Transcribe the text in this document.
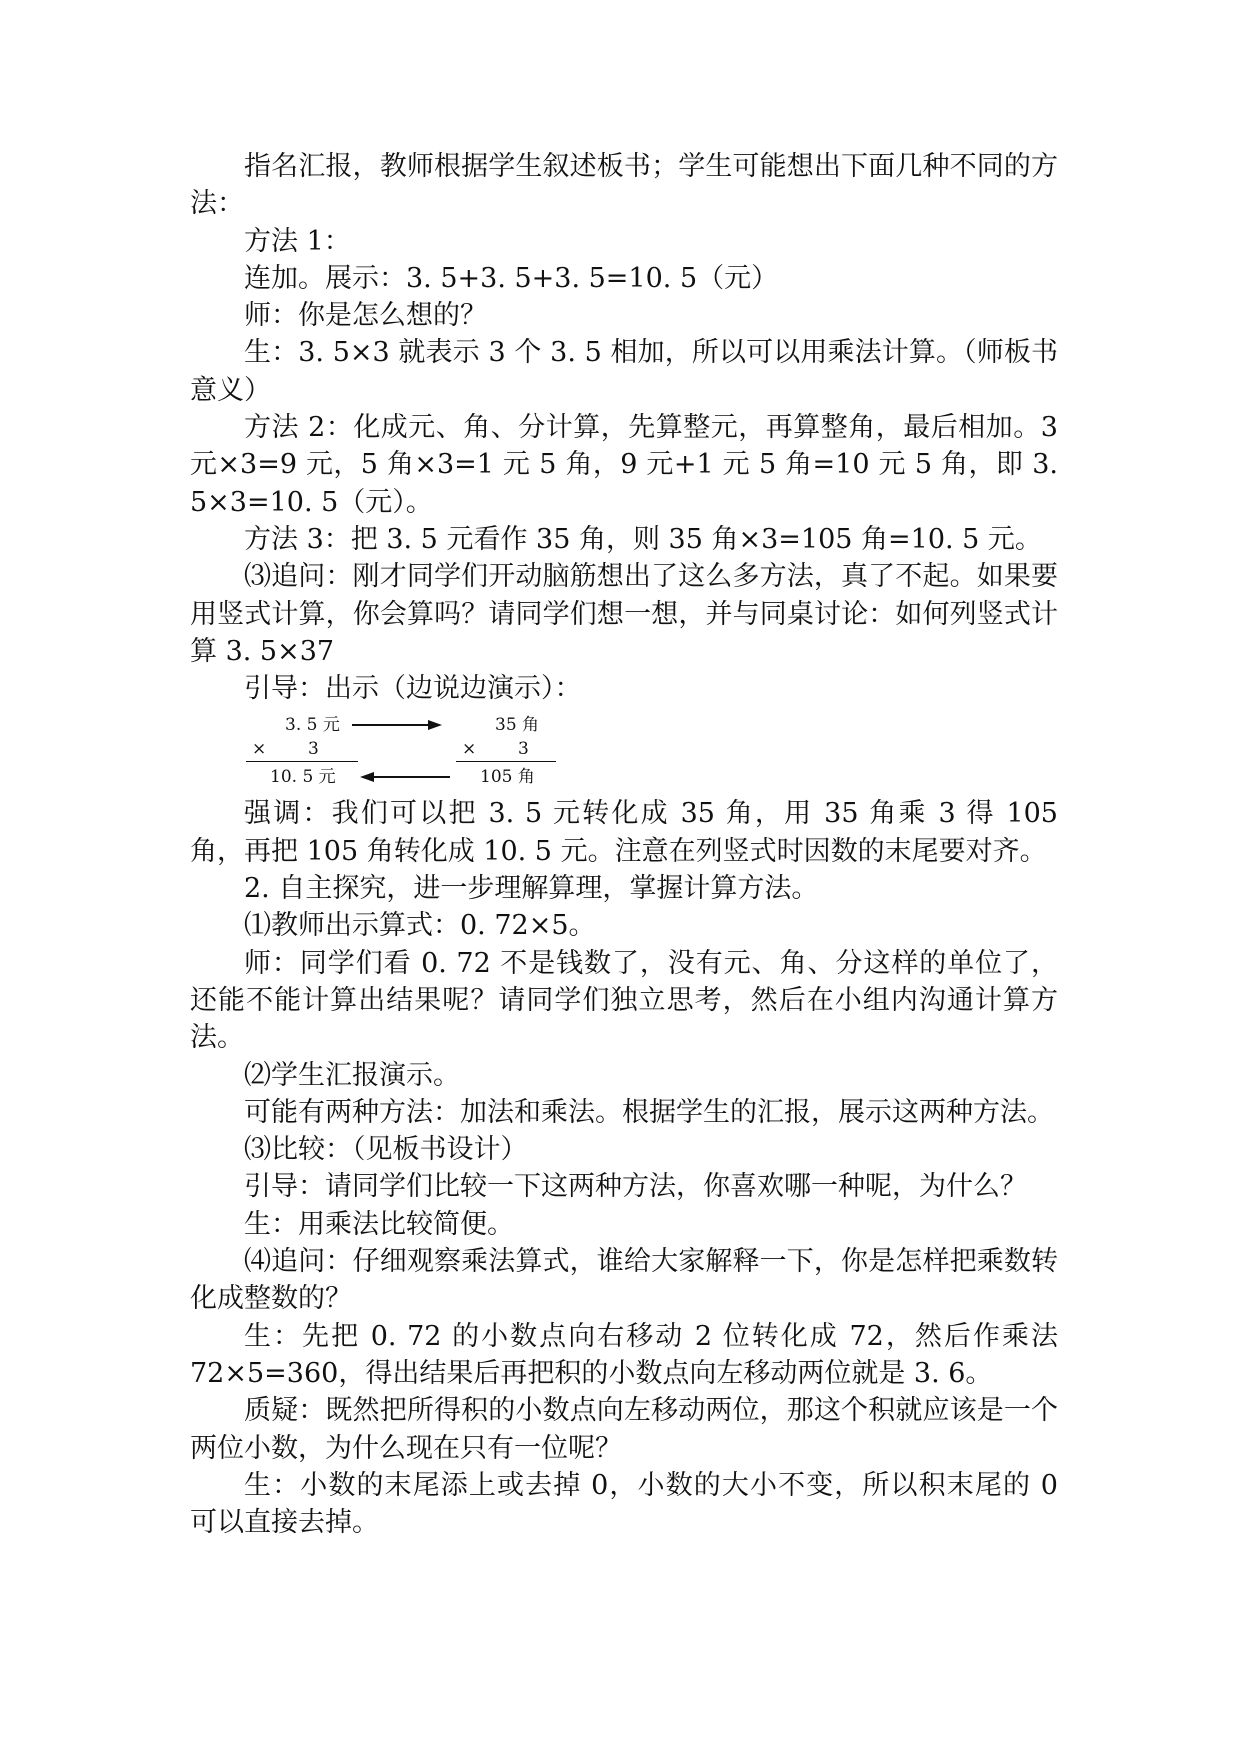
指名汇报，教师根据学生叙述板书；学生可能想出下面几种不同的方法：

方法 1：

连加。展示：3. 5+3. 5+3. 5=10. 5（元）

师：你是怎么想的？

生：3. 5×3 就表示 3 个 3. 5 相加，所以可以用乘法计算。（师板书意义）

方法 2：化成元、角、分计算，先算整元，再算整角，最后相加。3 元×3=9 元，5 角×3=1 元 5 角，9 元+1 元 5 角=10 元 5 角，即 3. 5×3=10. 5（元）。

方法 3：把 3. 5 元看作 35 角，则 35 角×3=105 角=10. 5 元。

⑶追问：刚才同学们开动脑筋想出了这么多方法，真了不起。如果要用竖式计算，你会算吗？请同学们想一想，并与同桌讨论：如何列竖式计算 3. 5×37

引导：出示（边说边演示）：

3. 5 元
× 3
10. 5 元
35 角
× 3
105 角

强调：我们可以把 3. 5 元转化成 35 角，用 35 角乘 3 得 105 角，再把 105 角转化成 10. 5 元。注意在列竖式时因数的末尾要对齐。

2. 自主探究，进一步理解算理，掌握计算方法。

⑴教师出示算式：0. 72×5。

师：同学们看 0. 72 不是钱数了，没有元、角、分这样的单位了，还能不能计算出结果呢？请同学们独立思考，然后在小组内沟通计算方法。

⑵学生汇报演示。

可能有两种方法：加法和乘法。根据学生的汇报，展示这两种方法。

⑶比较：（见板书设计）

引导：请同学们比较一下这两种方法，你喜欢哪一种呢，为什么？

生：用乘法比较简便。

⑷追问：仔细观察乘法算式，谁给大家解释一下，你是怎样把乘数转化成整数的？

生：先把 0. 72 的小数点向右移动 2 位转化成 72，然后作乘法 72×5=360，得出结果后再把积的小数点向左移动两位就是 3. 6。

质疑：既然把所得积的小数点向左移动两位，那这个积就应该是一个两位小数，为什么现在只有一位呢？

生：小数的末尾添上或去掉 0，小数的大小不变，所以积末尾的 0 可以直接去掉。
